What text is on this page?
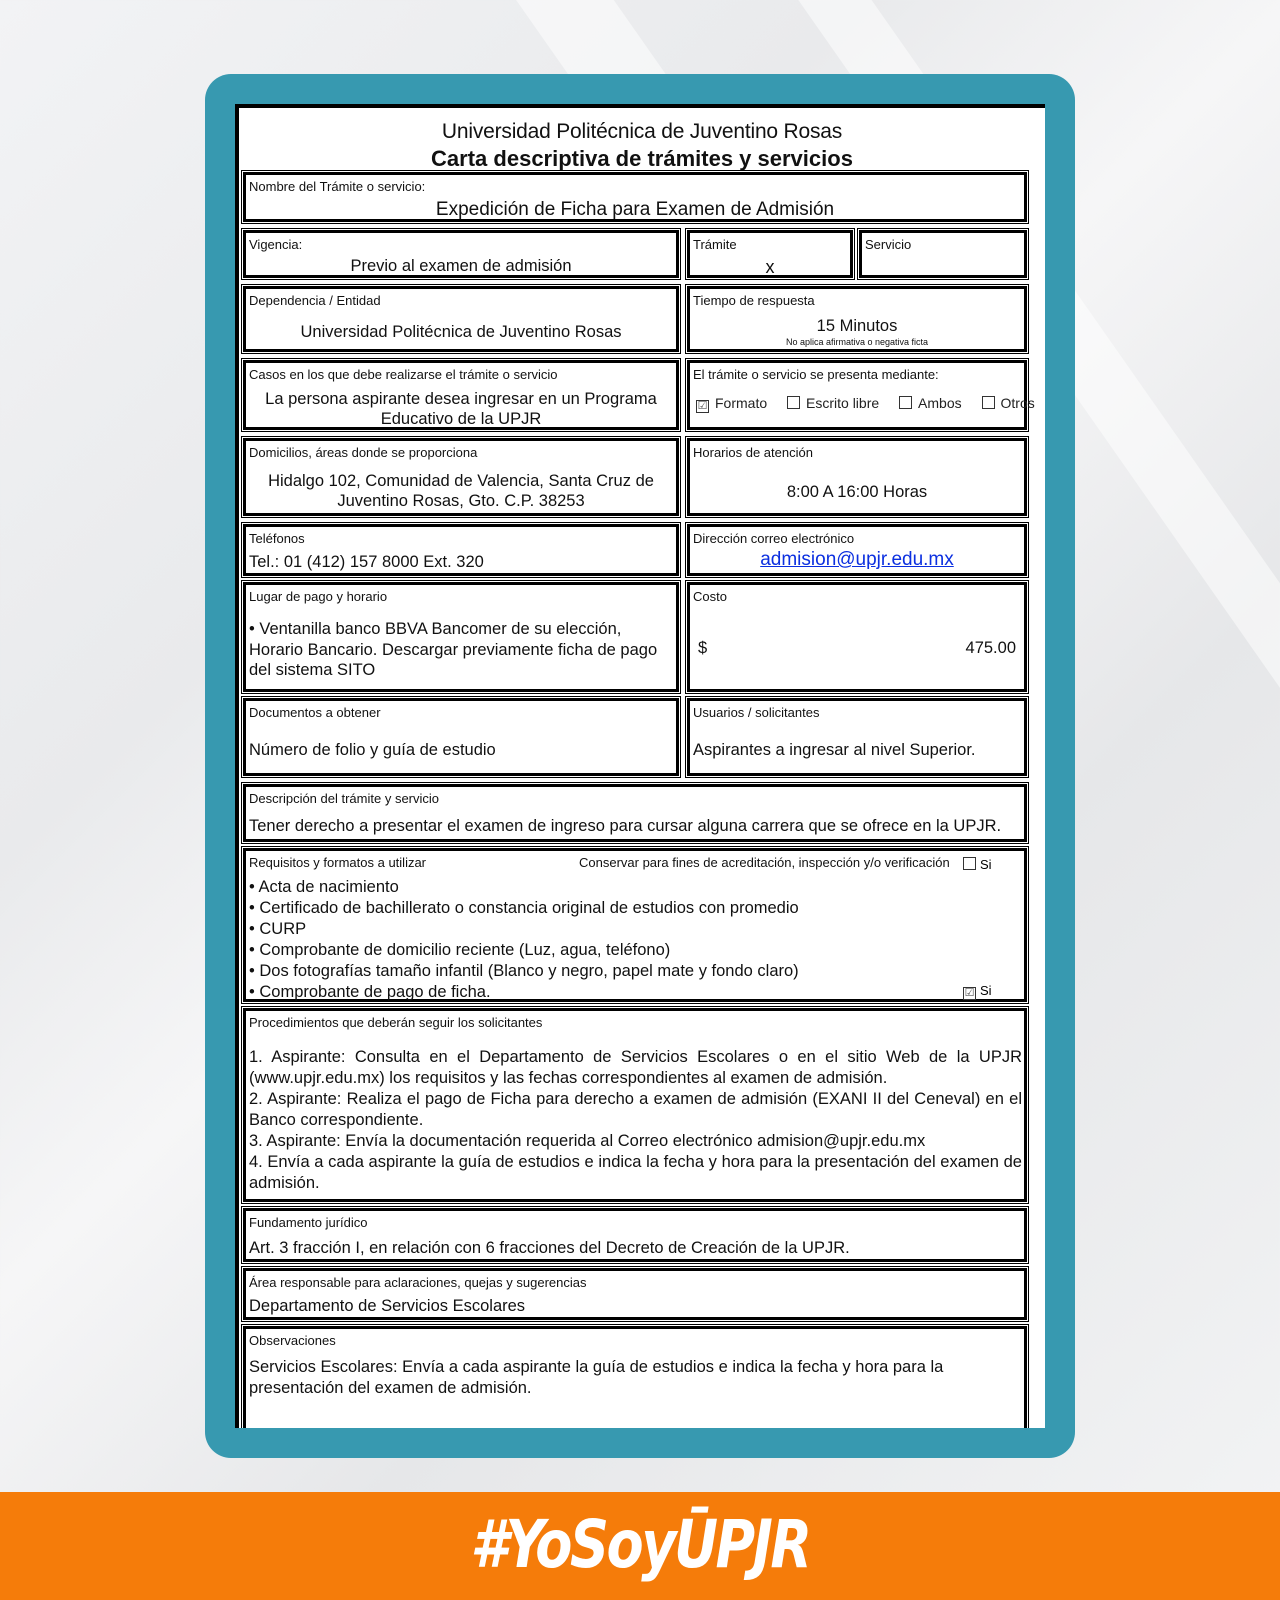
Universidad Politécnica de Juventino Rosas
Carta descriptiva de trámites y servicios
Nombre del Trámite o servicio:
Expedición de Ficha para Examen de Admisión
Vigencia:
Previo al examen de admisión
Trámite
x
Servicio
Dependencia / Entidad
Universidad Politécnica de Juventino Rosas
Tiempo de respuesta
15 Minutos
No aplica afirmativa o negativa ficta
Casos en los que debe realizarse el trámite o servicio
La persona aspirante desea ingresar en un Programa Educativo de la UPJR
El trámite o servicio se presenta mediante:
☑ Formato	Escrito libre	Ambos	Otros
Domicilios, áreas donde se proporciona
Hidalgo 102, Comunidad de Valencia, Santa Cruz de Juventino Rosas, Gto. C.P. 38253
Horarios de atención
8:00 A 16:00 Horas
Teléfonos
Tel.: 01 (412) 157 8000 Ext. 320
Dirección correo electrónico
admision@upjr.edu.mx
Lugar de pago y horario
• Ventanilla banco BBVA Bancomer de su elección, Horario Bancario. Descargar previamente ficha de pago del sistema SITO
Costo
$	475.00
Documentos a obtener
Número de folio y guía de estudio
Usuarios / solicitantes
Aspirantes a ingresar al nivel Superior.
Descripción del trámite y servicio
Tener derecho a presentar el examen de ingreso para cursar alguna carrera que se ofrece en la UPJR.
Requisitos y formatos a utilizar	Conservar para fines de acreditación, inspección y/o verificación	Si
• Acta de nacimiento
• Certificado de bachillerato o constancia original de estudios con promedio
• CURP
• Comprobante de domicilio reciente (Luz, agua, teléfono)
• Dos fotografías tamaño infantil (Blanco y negro, papel mate y fondo claro)
• Comprobante de pago de ficha.	☑ Si
Procedimientos que deberán seguir los solicitantes
1. Aspirante: Consulta en el Departamento de Servicios Escolares o en el sitio Web de la UPJR (www.upjr.edu.mx) los requisitos y las fechas correspondientes al examen de admisión.
2. Aspirante: Realiza el pago de Ficha para derecho a examen de admisión (EXANI II del Ceneval) en el Banco correspondiente.
3. Aspirante: Envía la documentación requerida al Correo electrónico admision@upjr.edu.mx
4. Envía a cada aspirante la guía de estudios e indica la fecha y hora para la presentación del examen de admisión.
Fundamento jurídico
Art. 3 fracción I, en relación con 6 fracciones del Decreto de Creación de la UPJR.
Área responsable para aclaraciones, quejas y sugerencias
Departamento de Servicios Escolares
Observaciones
Servicios Escolares: Envía a cada aspirante la guía de estudios e indica la fecha y hora para la presentación del examen de admisión.
#YoSoyŪPJR
